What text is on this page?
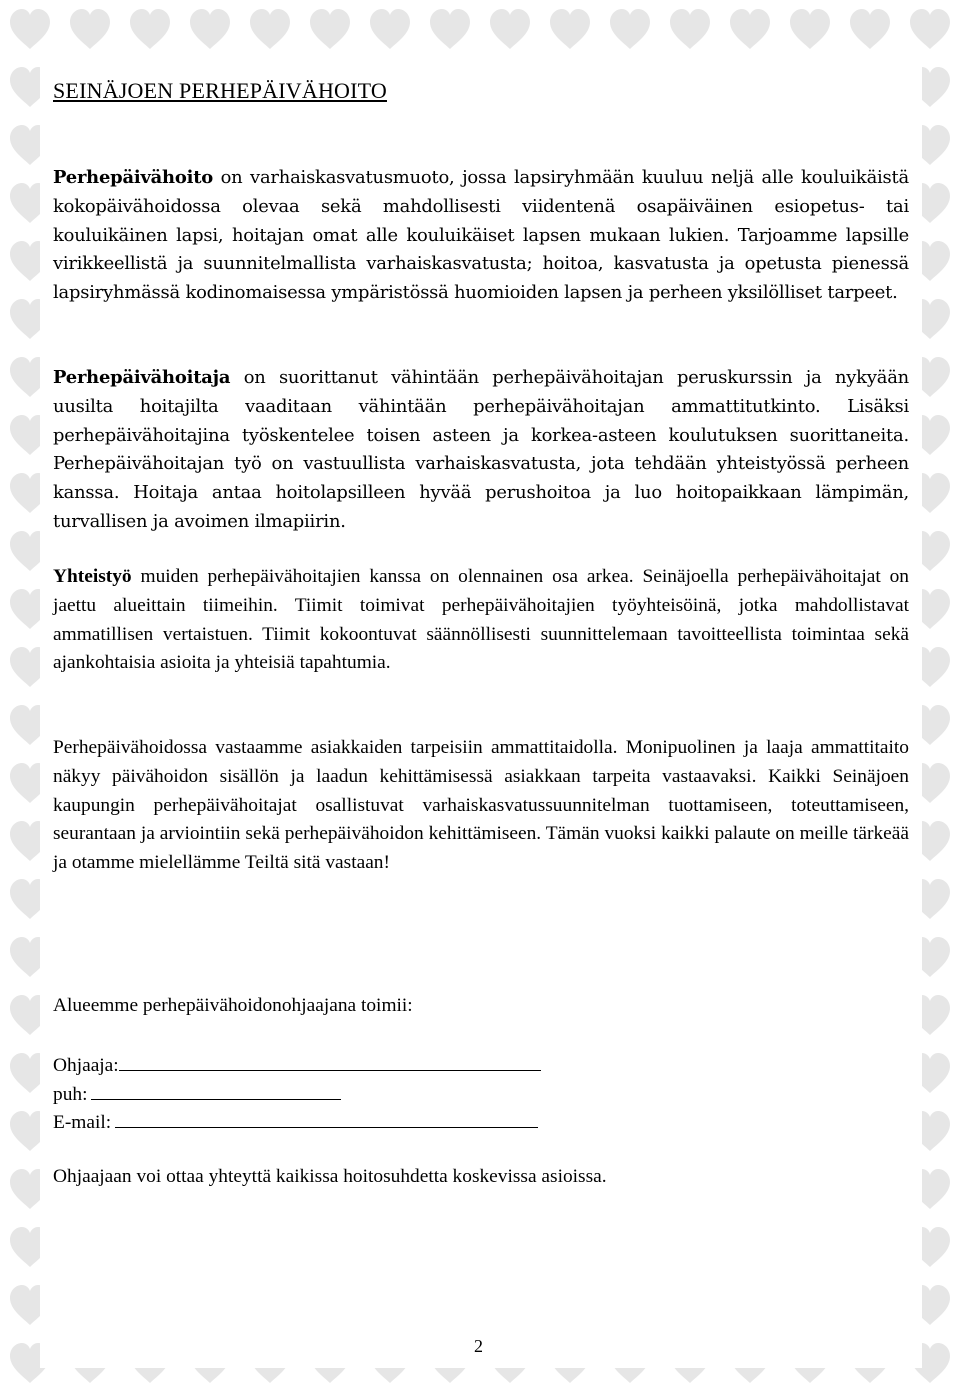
SEINÄJOEN PERHEPÄIVÄHOITO

Perhepäivähoito on varhaiskasvatusmuoto, jossa lapsiryhmään kuuluu neljä alle kouluikäistä kokopäivähoidossa olevaa sekä mahdollisesti viidentenä osapäiväinen esiopetus- tai kouluikäinen lapsi, hoitajan omat alle kouluikäiset lapsen mukaan lukien. Tarjoamme lapsille virikkeellistä ja suunnitelmallista varhaiskasvatusta; hoitoa, kasvatusta ja opetusta pienessä lapsiryhmässä kodinomaisessa ympäristössä huomioiden lapsen ja perheen yksilölliset tarpeet.

Perhepäivähoitaja on suorittanut vähintään perhepäivähoitajan peruskurssin ja nykyään uusilta hoitajilta vaaditaan vähintään perhepäivähoitajan ammattitutkinto. Lisäksi perhepäivähoitajina työskentelee toisen asteen ja korkea-asteen koulutuksen suorittaneita. Perhepäivähoitajan työ on vastuullista varhaiskasvatusta, jota tehdään yhteistyössä perheen kanssa. Hoitaja antaa hoitolapsilleen hyvää perushoitoa ja luo hoitopaikkaan lämpimän, turvallisen ja avoimen ilmapiirin.

Yhteistyö muiden perhepäivähoitajien kanssa on olennainen osa arkea. Seinäjoella perhepäivähoitajat on jaettu alueittain tiimeihin. Tiimit toimivat perhepäivähoitajien työyhteisöinä, jotka mahdollistavat ammatillisen vertaistuen. Tiimit kokoontuvat säännöllisesti suunnittelemaan tavoitteellista toimintaa sekä ajankohtaisia asioita ja yhteisiä tapahtumia.

Perhepäivähoidossa vastaamme asiakkaiden tarpeisiin ammattitaidolla. Monipuolinen ja laaja ammattitaito näkyy päivähoidon sisällön ja laadun kehittämisessä asiakkaan tarpeita vastaavaksi. Kaikki Seinäjoen kaupungin perhepäivähoitajat osallistuvat varhaiskasvatussuunnitelman tuottamiseen, toteuttamiseen, seurantaan ja arviointiin sekä perhepäivähoidon kehittämiseen. Tämän vuoksi kaikki palaute on meille tärkeää ja otamme mielellämme Teiltä sitä vastaan!

Alueemme perhepäivähoidonohjaajana toimii:

Ohjaaja:

puh:

E-mail:

Ohjaajaan voi ottaa yhteyttä kaikissa hoitosuhdetta koskevissa asioissa.

2
